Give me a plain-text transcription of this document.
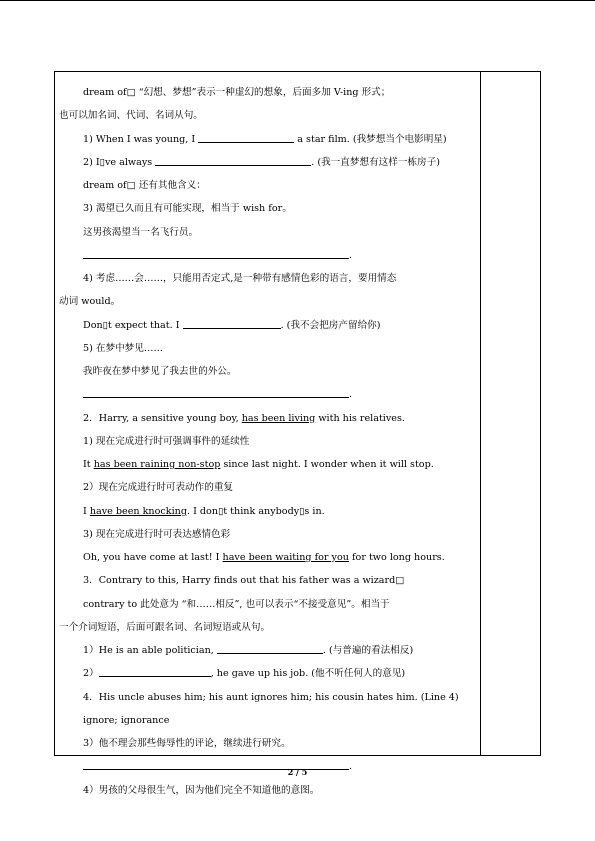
dream of□ “幻想、梦想”表示一种虚幻的想象，后面多加 V-ing 形式；
也可以加名词、代词、名词从句。
1) When I was young, I	a star film. (我梦想当个电影明星)
2) I▯ve always	. (我一直梦想有这样一栋房子)
dream of□ 还有其他含义：
3) 渴望已久而且有可能实现，相当于 wish for。
这男孩渴望当一名飞行员。
.
4) 考虑……会……，只能用否定式,是一种带有感情色彩的语言，要用情态
动词 would。
Don▯t expect that. I	. (我不会把房产留给你)
5) 在梦中梦见……
我昨夜在梦中梦见了我去世的外公。
.
2．Harry, a sensitive young boy, has been living with his relatives.
1) 现在完成进行时可强调事件的延续性
It has been raining non-stop since last night. I wonder when it will stop.
2）现在完成进行时可表动作的重复
I have been knocking. I don▯t think anybody▯s in.
3) 现在完成进行时可表达感情色彩
Oh, you have come at last! I have been waiting for you for two long hours.
3．Contrary to this, Harry finds out that his father was a wizard□
contrary to 此处意为 “和……相反”, 也可以表示“不接受意见”。相当于
一个介词短语，后面可跟名词、名词短语或从句。
1）He is an able politician,	. (与普遍的看法相反)
2）	, he gave up his job. (他不听任何人的意见)
4．His uncle abuses him; his aunt ignores him; his cousin hates him. (Line 4)
ignore; ignorance
3）他不理会那些侮辱性的评论，继续进行研究。
.
4）男孩的父母很生气，因为他们完全不知道他的意图。
2 / 5
